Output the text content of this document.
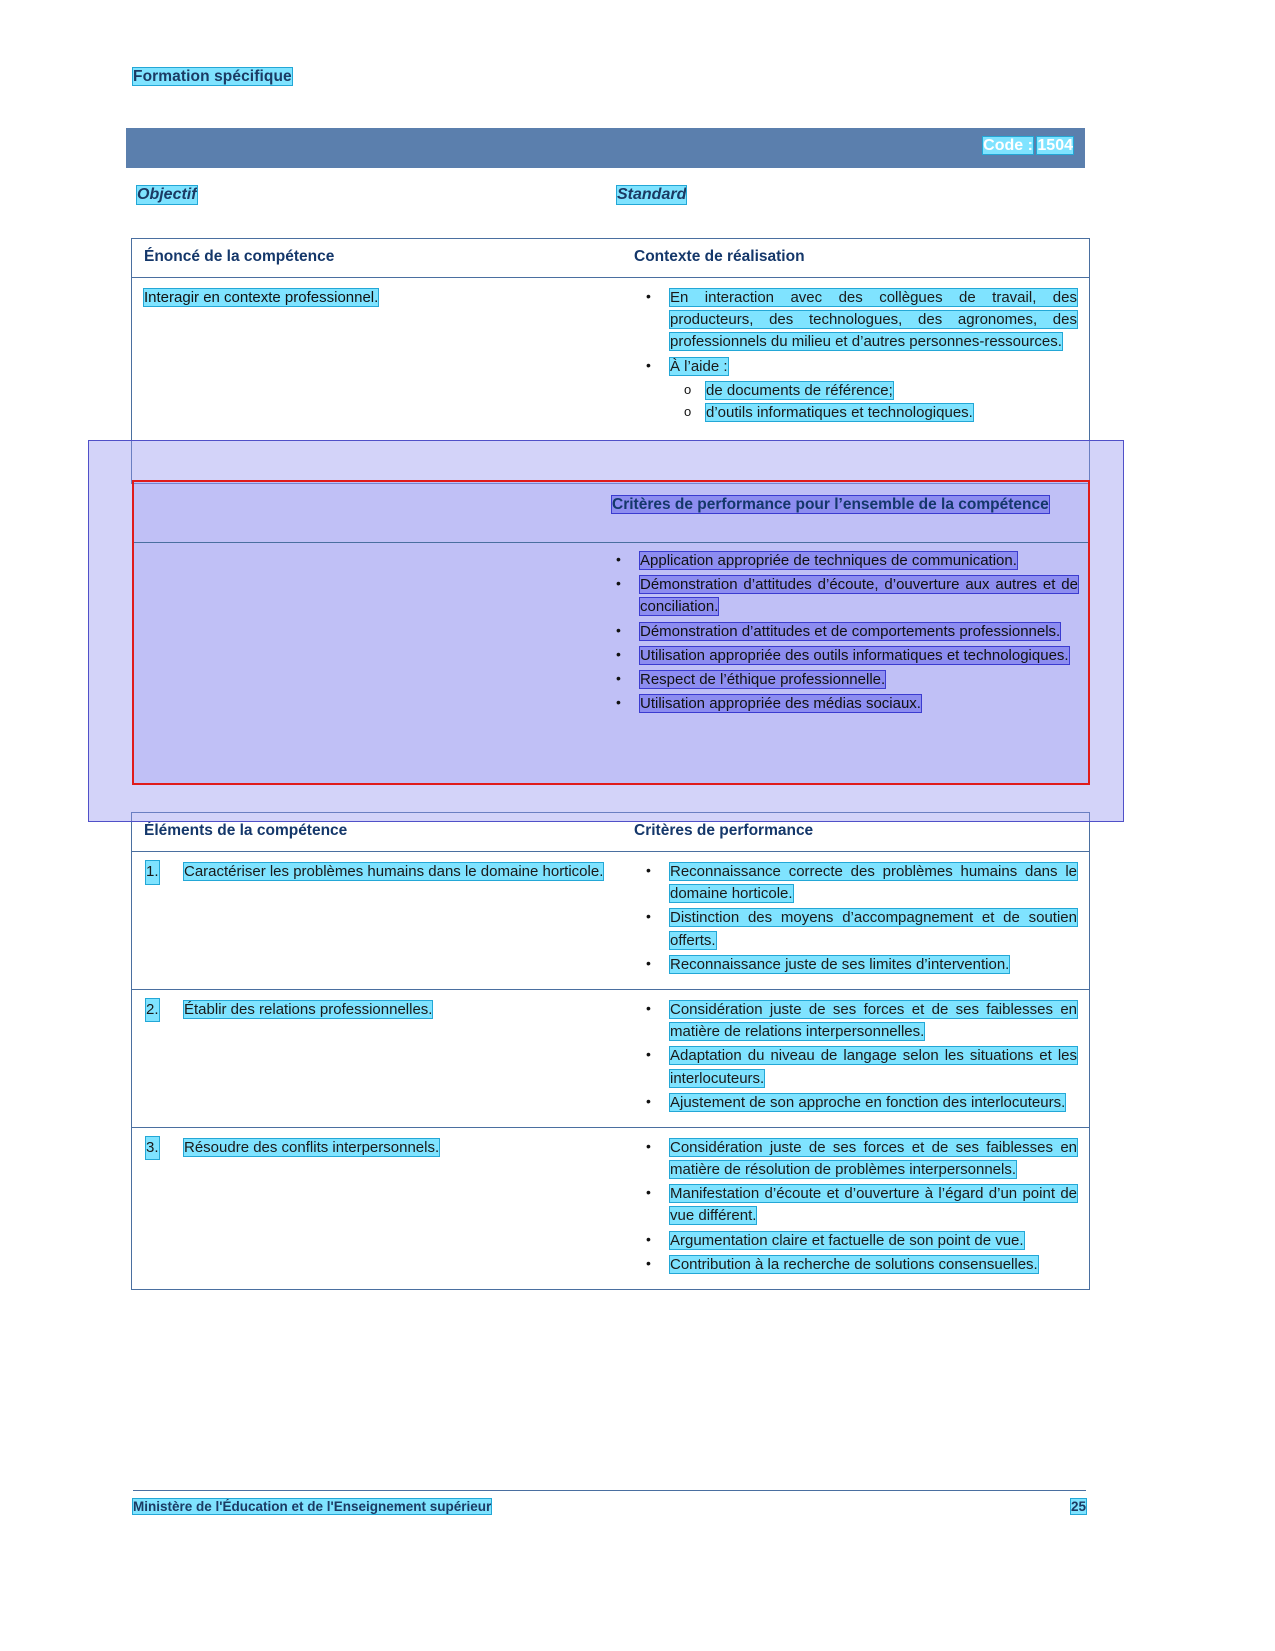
Formation spécifique
Code : 1504
Objectif	Standard
Énoncé de la compétence	Contexte de réalisation
Interagir en contexte professionnel.	• En interaction avec des collègues de travail, des producteurs, des technologues, des agronomes, des professionnels du milieu et d’autres personnes-ressources.
• À l’aide :
o de documents de référence;
o d’outils informatiques et technologiques.
Critères de performance pour l’ensemble de la compétence
• Application appropriée de techniques de communication.
• Démonstration d’attitudes d’écoute, d’ouverture aux autres et de conciliation.
• Démonstration d’attitudes et de comportements professionnels.
• Utilisation appropriée des outils informatiques et technologiques.
• Respect de l’éthique professionnelle.
• Utilisation appropriée des médias sociaux.
Éléments de la compétence	Critères de performance
1. Caractériser les problèmes humains dans le domaine horticole.	• Reconnaissance correcte des problèmes humains dans le domaine horticole.
• Distinction des moyens d’accompagnement et de soutien offerts.
• Reconnaissance juste de ses limites d’intervention.
2. Établir des relations professionnelles.	• Considération juste de ses forces et de ses faiblesses en matière de relations interpersonnelles.
• Adaptation du niveau de langage selon les situations et les interlocuteurs.
• Ajustement de son approche en fonction des interlocuteurs.
3. Résoudre des conflits interpersonnels.	• Considération juste de ses forces et de ses faiblesses en matière de résolution de problèmes interpersonnels.
• Manifestation d’écoute et d’ouverture à l’égard d’un point de vue différent.
• Argumentation claire et factuelle de son point de vue.
• Contribution à la recherche de solutions consensuelles.
Ministère de l'Éducation et de l'Enseignement supérieur	25
